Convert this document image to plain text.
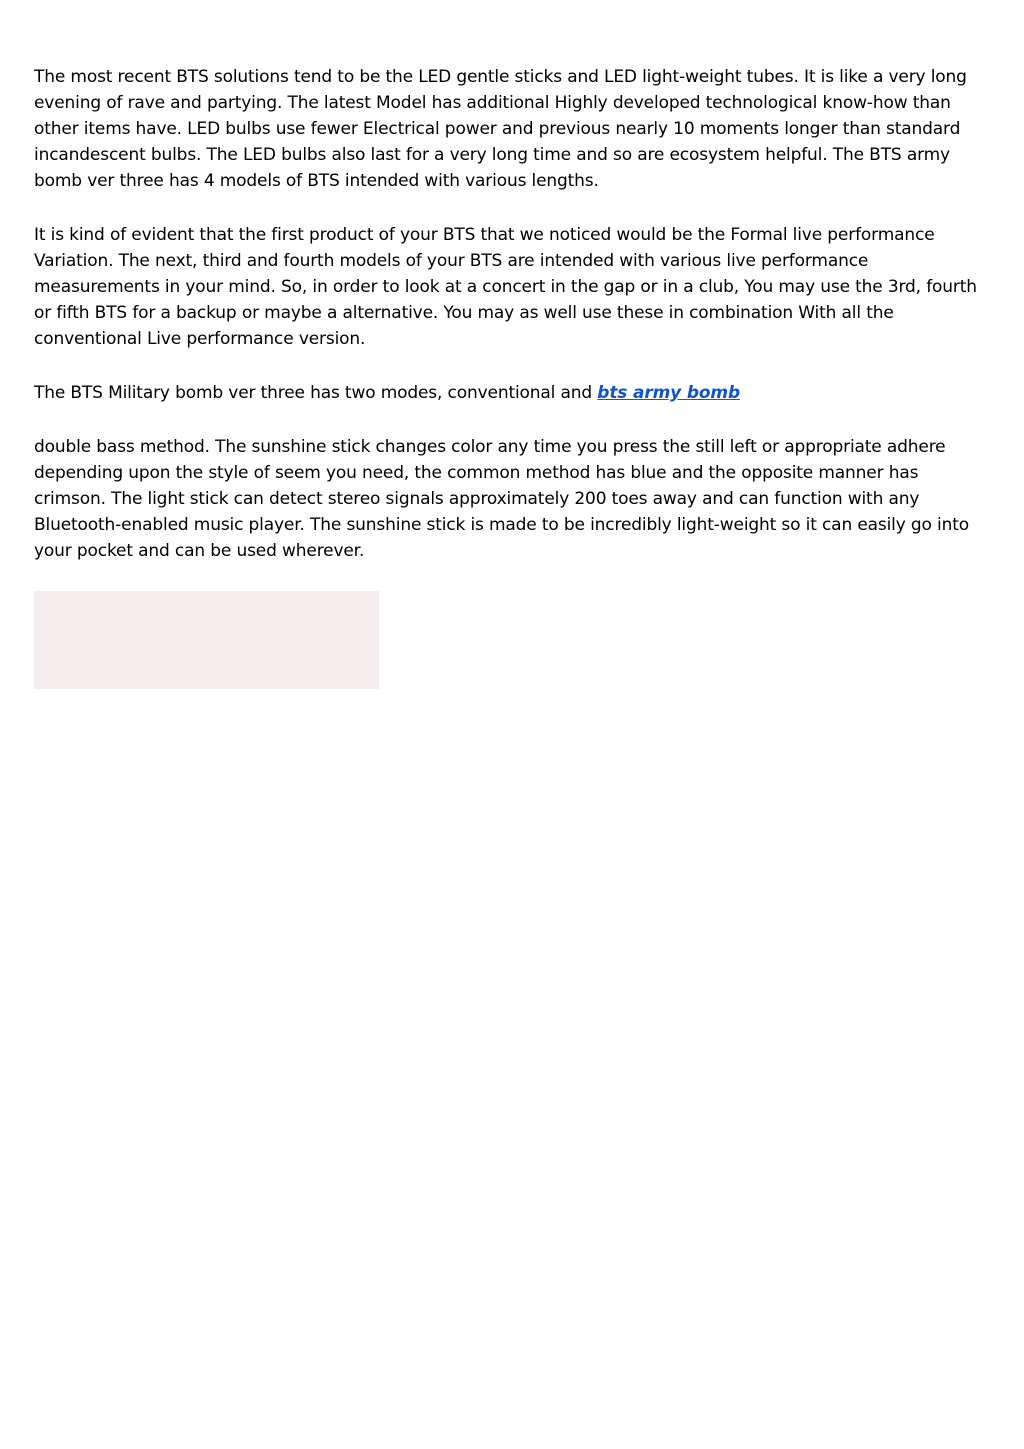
The most recent BTS solutions tend to be the LED gentle sticks and LED light-weight tubes. It is like a very long evening of rave and partying. The latest Model has additional Highly developed technological know-how than other items have. LED bulbs use fewer Electrical power and previous nearly 10 moments longer than standard incandescent bulbs. The LED bulbs also last for a very long time and so are ecosystem helpful. The BTS army bomb ver three has 4 models of BTS intended with various lengths.

It is kind of evident that the first product of your BTS that we noticed would be the Formal live performance Variation. The next, third and fourth models of your BTS are intended with various live performance measurements in your mind. So, in order to look at a concert in the gap or in a club, You may use the 3rd, fourth or fifth BTS for a backup or maybe a alternative. You may as well use these in combination With all the conventional Live performance version.

The BTS Military bomb ver three has two modes, conventional and bts army bomb

double bass method. The sunshine stick changes color any time you press the still left or appropriate adhere depending upon the style of seem you need, the common method has blue and the opposite manner has crimson. The light stick can detect stereo signals approximately 200 toes away and can function with any Bluetooth-enabled music player. The sunshine stick is made to be incredibly light-weight so it can easily go into your pocket and can be used wherever.
